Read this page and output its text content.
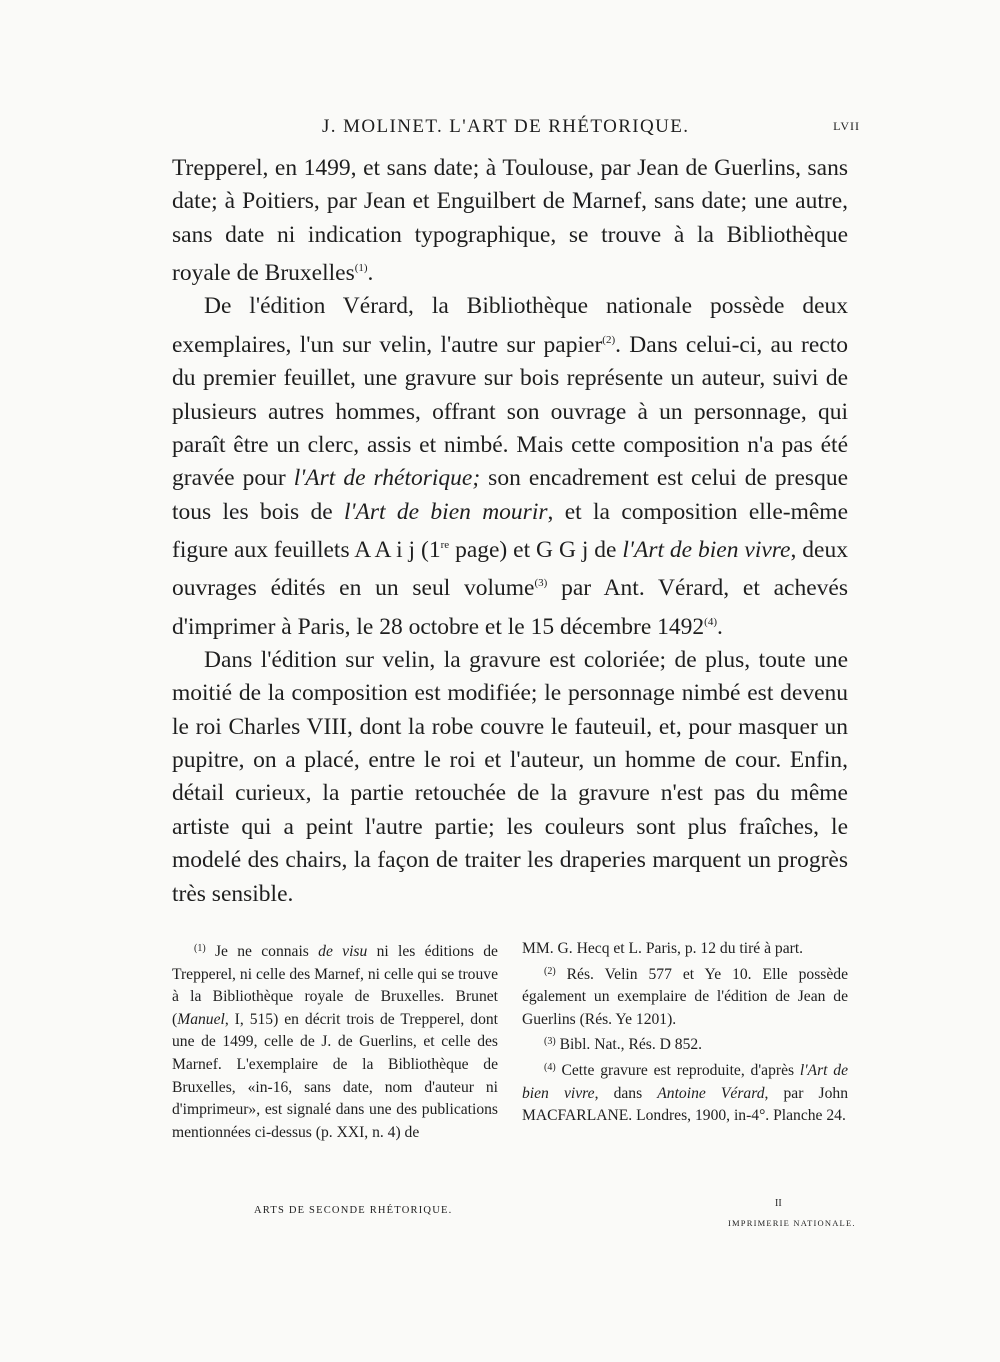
J. MOLINET. L'ART DE RHÉTORIQUE.	LVII

Trepperel, en 1499, et sans date; à Toulouse, par Jean de Guerlins, sans date; à Poitiers, par Jean et Enguilbert de Marnef, sans date; une autre, sans date ni indication typographique, se trouve à la Bibliothèque royale de Bruxelles$^{(1)}$.

De l'édition Vérard, la Bibliothèque nationale possède deux exemplaires, l'un sur velin, l'autre sur papier$^{(2)}$. Dans celui-ci, au recto du premier feuillet, une gravure sur bois représente un auteur, suivi de plusieurs autres hommes, offrant son ouvrage à un personnage, qui paraît être un clerc, assis et nimbé. Mais cette composition n'a pas été gravée pour l'Art de rhétorique; son encadrement est celui de presque tous les bois de l'Art de bien mourir, et la composition elle-même figure aux feuillets A A i j (1re page) et G G j de l'Art de bien vivre, deux ouvrages édités en un seul volume$^{(3)}$ par Ant. Vérard, et achevés d'imprimer à Paris, le 28 octobre et le 15 décembre 1492$^{(4)}$.

Dans l'édition sur velin, la gravure est coloriée; de plus, toute une moitié de la composition est modifiée; le personnage nimbé est devenu le roi Charles VIII, dont la robe couvre le fauteuil, et, pour masquer un pupitre, on a placé, entre le roi et l'auteur, un homme de cour. Enfin, détail curieux, la partie retouchée de la gravure n'est pas du même artiste qui a peint l'autre partie; les couleurs sont plus fraîches, le modelé des chairs, la façon de traiter les draperies marquent un progrès très sensible.

$^{(1)}$ Je ne connais de visu ni les éditions de Trepperel, ni celle des Marnef, ni celle qui se trouve à la Bibliothèque royale de Bruxelles. Brunet (Manuel, I, 515) en décrit trois de Trepperel, dont une de 1499, celle de J. de Guerlins, et celle des Marnef. L'exemplaire de la Bibliothèque de Bruxelles, «in-16, sans date, nom d'auteur ni d'imprimeur», est signalé dans une des publications mentionnées ci-dessus (p. XXI, n. 4) de

MM. G. Hecq et L. Paris, p. 12 du tiré à part.

$^{(2)}$ Rés. Velin 577 et Ye 10. Elle possède également un exemplaire de l'édition de Jean de Guerlins (Rés. Ye 1201).

$^{(3)}$ Bibl. Nat., Rés. D 852.

$^{(4)}$ Cette gravure est reproduite, d'après l'Art de bien vivre, dans Antoine Vérard, par John MACFARLANE. Londres, 1900, in-4°. Planche 24.

ARTS DE SECONDE RHÉTORIQUE.
II
IMPRIMERIE NATIONALE.
